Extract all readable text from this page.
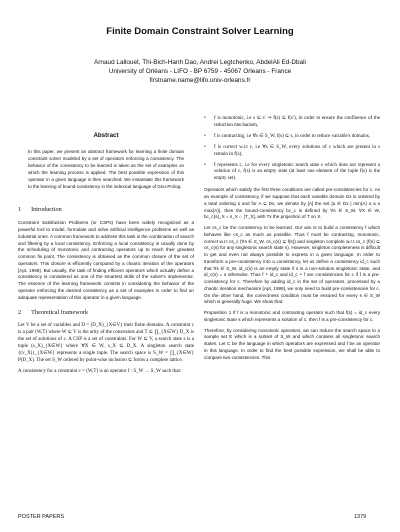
Finite Domain Constraint Solver Learning
Arnaud Lallouet, Thi-Bich-Hanh Dao, Andrei Legtchenko, AbdelAli Ed-Dbali
University of Orléans - LIFO - BP 6759 - 45067 Orleans - France
firstname.name@lifo.univ-orleans.fr
Abstract
In this paper, we present an abstract framework for learning a finite domain constraint solver modeled by a set of operators enforcing a consistency. The behavior of the consistency to be learned is taken as the set of examples on which the learning process is applied. The best possible expression of this operator in a given language is then searched. We instantiate this framework to the learning of bound-consistency in the indexical language of Gnu-Prolog.
1 Introduction
Constraint Satisfaction Problems (or CSPs) have been widely recognized as a powerful tool to model, formulate and solve artificial intelligence problems as well as industrial ones. A common framework to address this task is the combination of search and filtering by a local consistency. Enforcing a local consistency is usually done by the scheduling of monotonic and contracting operators up to reach their greatest common fix point. The consistency is obtained as the common closure of the set of operators. This closure is efficiently computed by a chaotic iteration of the operators [Apt, 1999]. But usually, the task of finding efficient operators which actually define a consistency is considered as one of the smartest skills of the solver's implementor. The essence of the learning framework consists in considering the behavior of the operator enforcing the desired consistency as a set of examples in order to find an adequate representation of this operator in a given language.
2 Theoretical framework
Let V be a set of variables and D = (D_X)_{X∈V} their finite domains. A constraint c is a pair (W,T) where W ⊆ V is the arity of the constraints and T ⊆ ∏_{X∈W} D_X is the set of solutions of c. A CSP is a set of constraints. For W ⊆ V, a search state s is a tuple (s_X)_{X∈W} where ∀X ∈ W, s_X ⊆ D_X. A singleton search state {(v_X)}_{X∈W} represents a single tuple. The search space is S_W = ∏_{X∈W} P(D_X). The set S_W ordered by point-wise inclusion ⊆ forms a complete lattice.
A consistency for a constraint c = (W,T) is an operator f : S_W → S_W such that:
•	f is monotonic, i.e s ⊆ s′ ⇒ f(s) ⊆ f(s′), in order to ensure the confluence of the reduction mechanism,
•	f is contracting, i.e ∀s ∈ S_W, f(s) ⊆ s, in order to reduce variable's domains,
•	f is correct w.r.t c, i.e ∀s ∈ S_W, every solutions of c which are present in s remain in f(s),
•	f represents c, i.e for every singletonic search state s which does not represent a solution of c, f(s) is an empty state (at least one element of the tuple f(s) is the empty set).
Operators which satisfy the first three conditions are called pre-consistencies for c. As an example of consistency, if we suppose that each variable domain Dx is ordered by a total ordering ≤ and for A ⊆ Dx, we denote by [A] the set {a ∈ Dx | min(A) ≤ a ≤ max(A)}, then the bound-consistency bc_c is defined by ∀s ∈ S_W, ∀X ∈ W, bc_c(s)_X = s_X ∩ [T_X], with Tx the projection of T on X.
Let cs_c be the consistency to be learned. Our aim is to build a consistency f which behaves like cs_c as much as possible. Thus f must be contracting, monotonic, correct w.r.t cs_c (∀s ∈ S_W, cs_c(s) ⊆ f(s)) and singleton complete w.r.t cs_c (f(s) ⊆ cs_c(s) for any singletonic search state s). However, singleton completeness is difficult to get and even not always possible to express in a given language. In order to transform a pre-consistency into a consistency, let us define a consistency id_c such that ∀s ∈ S_W, id_c(s) is an empty state if s is a non-solution singletonic state, and id_c(s) = s otherwise. Thus f ∘ id_c and id_c ∘ f are consistencies for c if f is a pre-consistency for c. Therefore by adding id_c in the set of operators, processed by a chaotic iteration mechanism [Apt, 1999], we only need to build pre-consistencies for c. On the other hand, the correctness condition must be ensured for every s ∈ S_W which is generally huge. We show that:
Proposition 1 If f is a monotonic and contracting operator such that f(s) = id_c every singletonic state s which represents a solution of c, then f is a pre-consistency for c.
Therefore, by considering monotonic operators, we can reduce the search space to a sample set E which is a subset of S_W and which contains all singletonic search states. Let C be the language in which operators are expressed and f be an operator in this language. In order to find the best possible expression, we shall be able to compare two consistencies. This
POSTER PAPERS	1379
